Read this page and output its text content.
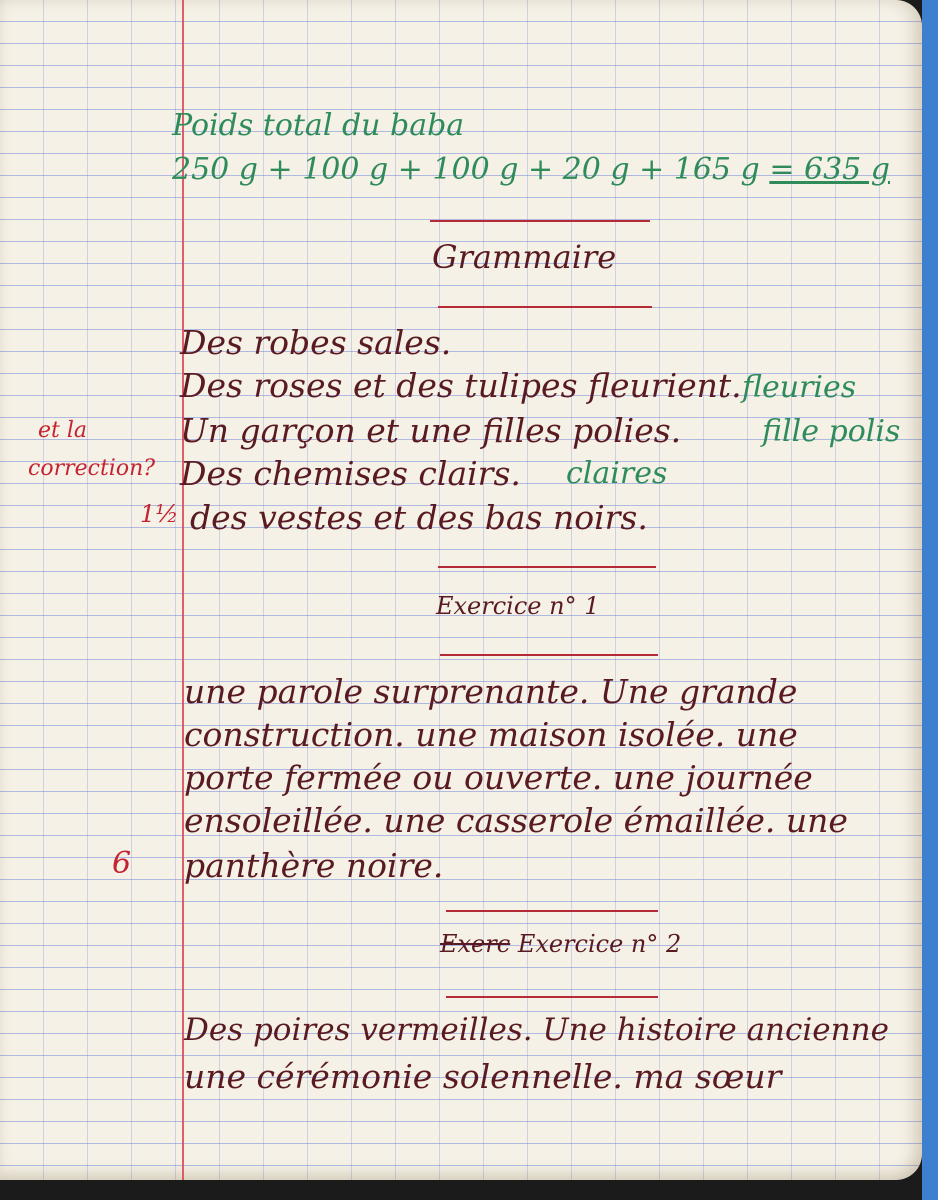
Poids total du baba
250 g + 100 g + 100 g + 20 g + 165 g = 635 g
Grammaire
Des robes sales.
Des roses et des tulipes fleurient.
Un garçon et une filles polies.
Des chemises clairs.
des vestes et des bas noirs.
fleuries
fille polis
claires
et la
correction?
1½
Exercice n° 1
une parole surprenante. Une grande
construction. une maison isolée. une
porte fermée ou ouverte. une journée
ensoleillée. une casserole émaillée. une
panthère noire.
6
Exerc Exercice n° 2
Des poires vermeilles. Une histoire ancienne
une cérémonie solennelle. ma sœur
